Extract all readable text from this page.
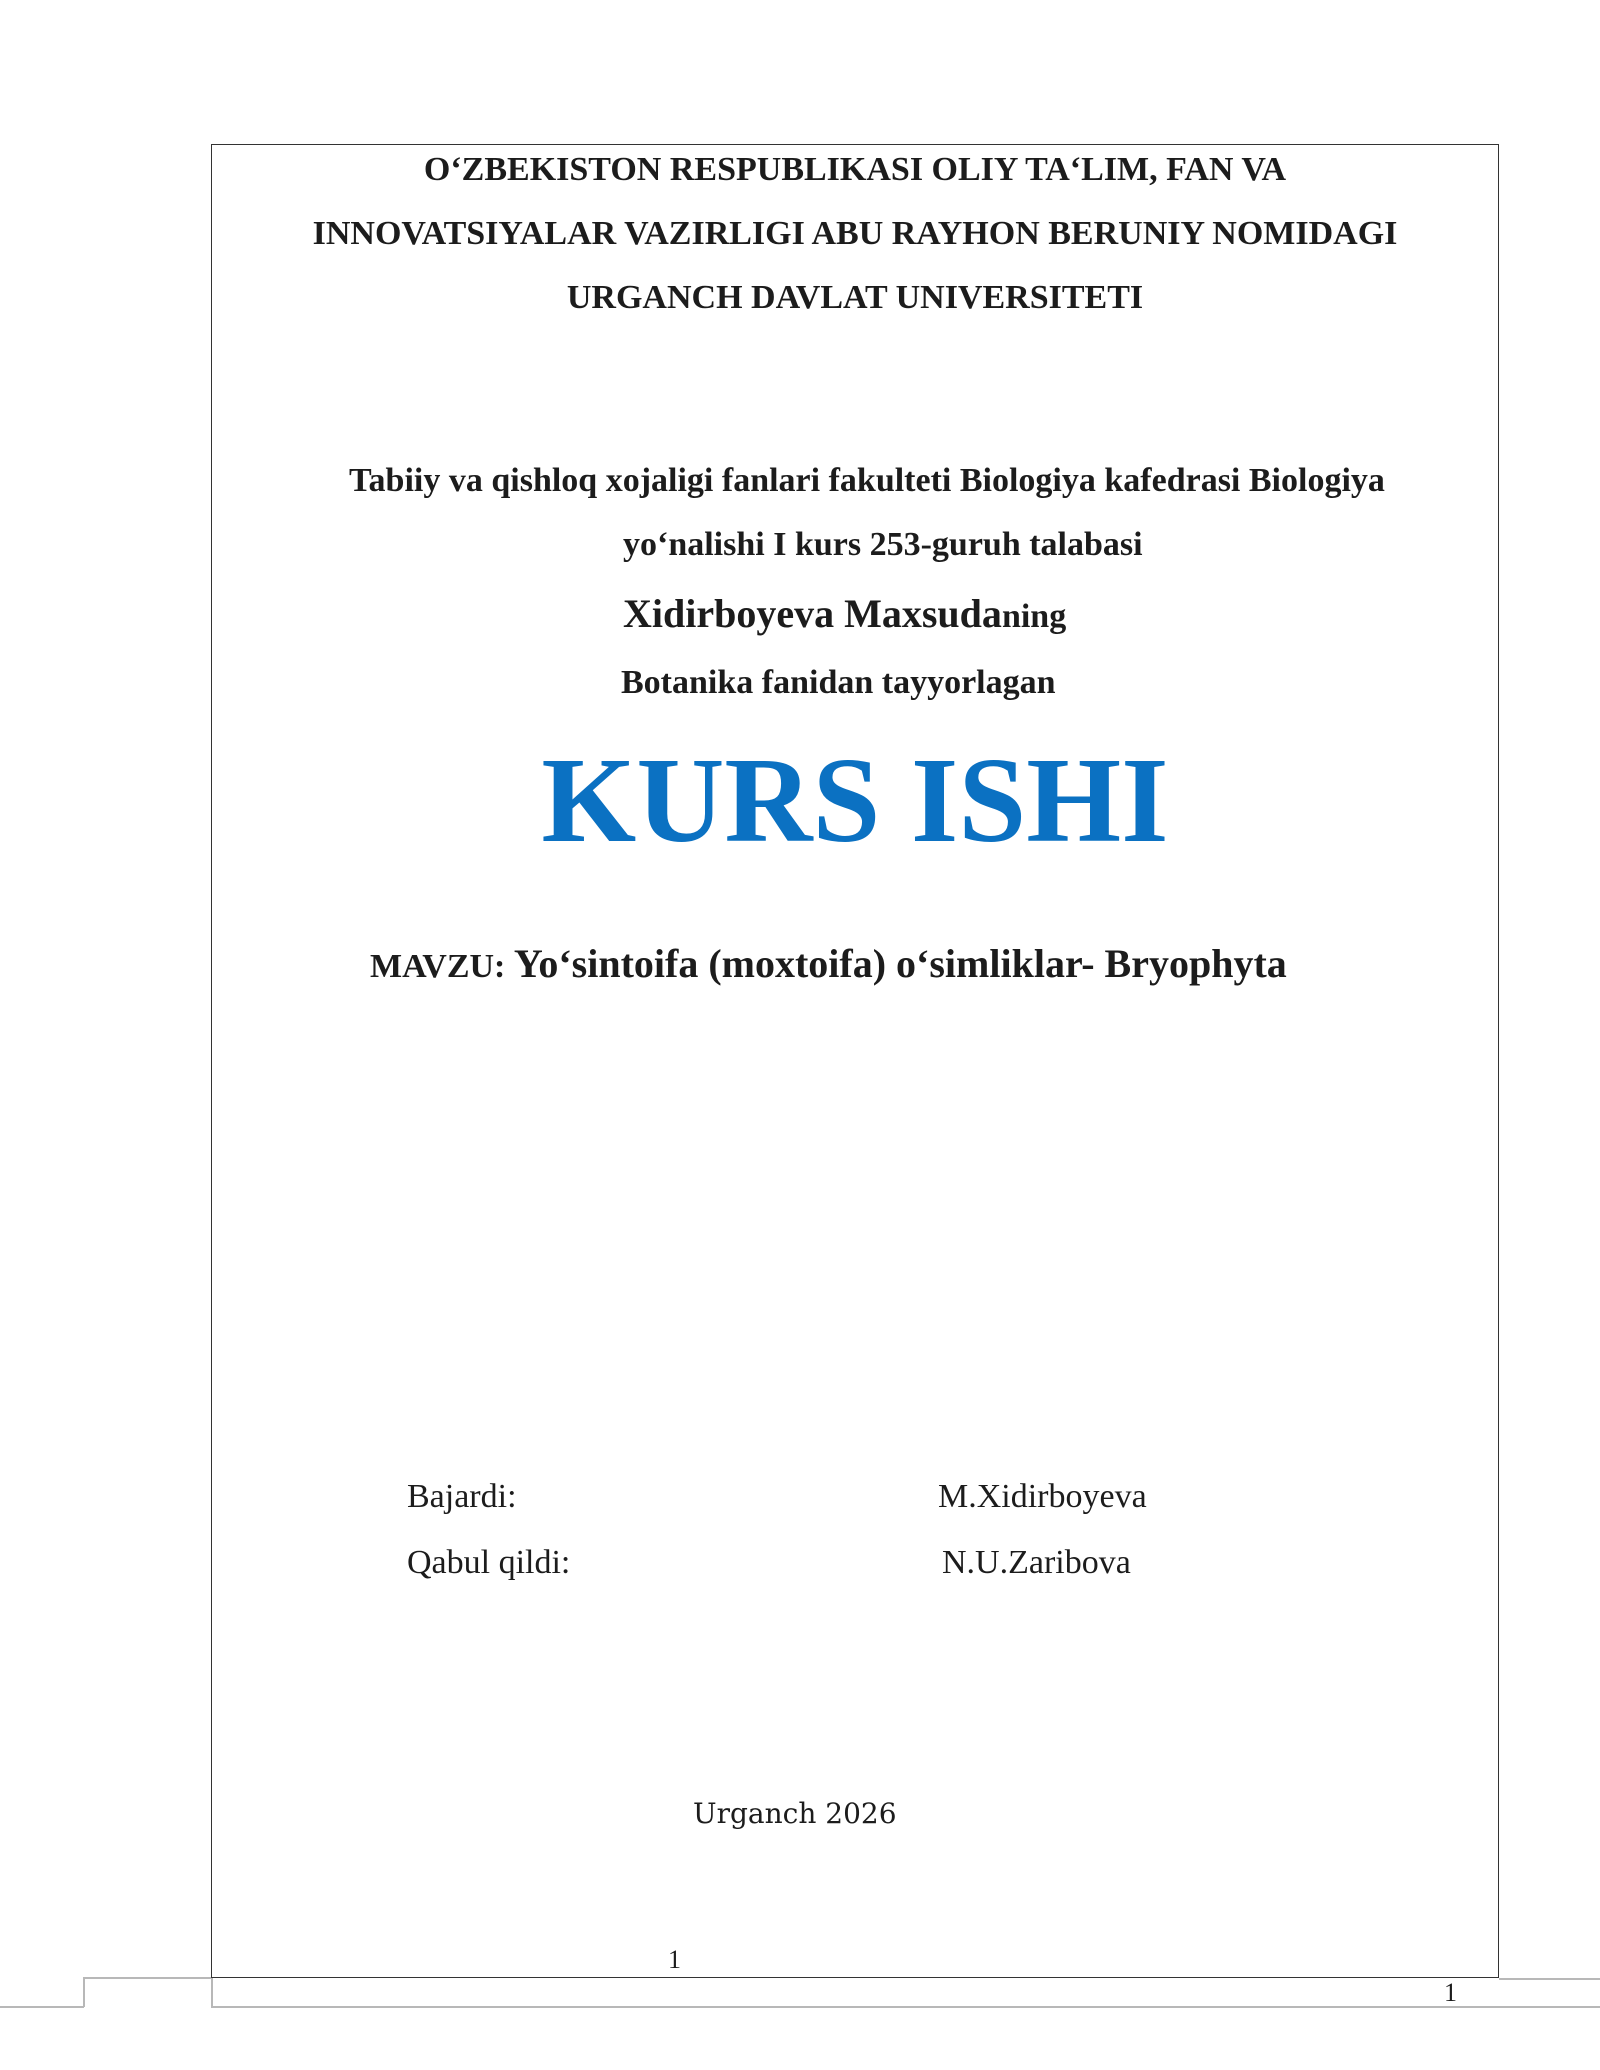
O‘ZBEKISTON RESPUBLIKASI OLIY TA‘LIM, FAN VA
INNOVATSIYALAR VAZIRLIGI ABU RAYHON BERUNIY NOMIDAGI
URGANCH DAVLAT UNIVERSITETI
Tabiiy va qishloq xojaligi fanlari fakulteti Biologiya kafedrasi Biologiya
yo‘nalishi I kurs 253-guruh talabasi
Xidirboyeva Maxsudaning
Botanika fanidan tayyorlagan
KURS ISHI
MAVZU: Yo‘sintoifa (moxtoifa) o‘simliklar- Bryophyta
Bajardi:	M.Xidirboyeva
Qabul qildi:	N.U.Zaribova
Urganch 2026
1
1
